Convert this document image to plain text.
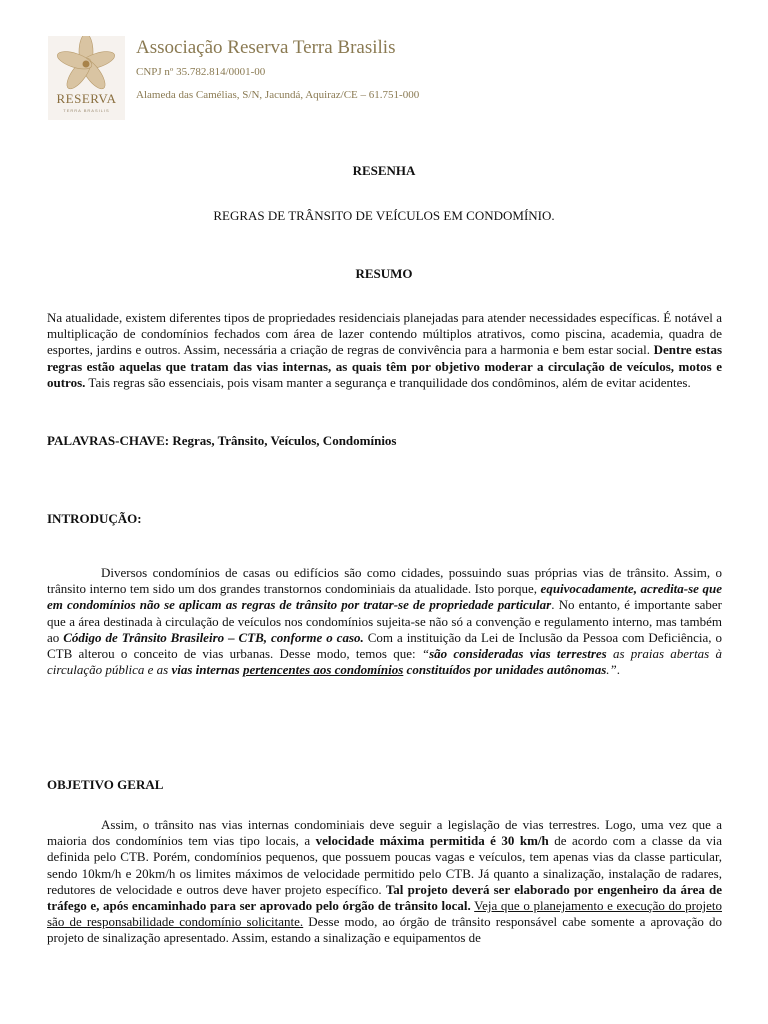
RESERVA
TERRA BRASILIS
Associação Reserva Terra Brasilis
CNPJ nº 35.782.814/0001-00
Alameda das Camélias, S/N, Jacundá, Aquiraz/CE – 61.751-000
RESENHA
REGRAS DE TRÂNSITO DE VEÍCULOS EM CONDOMÍNIO.
RESUMO
Na atualidade, existem diferentes tipos de propriedades residenciais planejadas para atender necessidades específicas. É notável a multiplicação de condomínios fechados com área de lazer contendo múltiplos atrativos, como piscina, academia, quadra de esportes, jardins e outros. Assim, necessária a criação de regras de convivência para a harmonia e bem estar social. Dentre estas regras estão aquelas que tratam das vias internas, as quais têm por objetivo moderar a circulação de veículos, motos e outros. Tais regras são essenciais, pois visam manter a segurança e tranquilidade dos condôminos, além de evitar acidentes.
PALAVRAS-CHAVE: Regras, Trânsito, Veículos, Condomínios
INTRODUÇÃO:
Diversos condomínios de casas ou edifícios são como cidades, possuindo suas próprias vias de trânsito. Assim, o trânsito interno tem sido um dos grandes transtornos condominiais da atualidade. Isto porque, equivocadamente, acredita-se que em condomínios não se aplicam as regras de trânsito por tratar-se de propriedade particular. No entanto, é importante saber que a área destinada à circulação de veículos nos condomínios sujeita-se não só a convenção e regulamento interno, mas também ao Código de Trânsito Brasileiro – CTB, conforme o caso. Com a instituição da Lei de Inclusão da Pessoa com Deficiência, o CTB alterou o conceito de vias urbanas. Desse modo, temos que: “são consideradas vias terrestres as praias abertas à circulação pública e as vias internas pertencentes aos condomínios constituídos por unidades autônomas.”.
OBJETIVO GERAL
Assim, o trânsito nas vias internas condominiais deve seguir a legislação de vias terrestres. Logo, uma vez que a maioria dos condomínios tem vias tipo locais, a velocidade máxima permitida é 30 km/h de acordo com a classe da via definida pelo CTB. Porém, condomínios pequenos, que possuem poucas vagas e veículos, tem apenas vias da classe particular, sendo 10km/h e 20km/h os limites máximos de velocidade permitido pelo CTB. Já quanto a sinalização, instalação de radares, redutores de velocidade e outros deve haver projeto específico. Tal projeto deverá ser elaborado por engenheiro da área de tráfego e, após encaminhado para ser aprovado pelo órgão de trânsito local. Veja que o planejamento e execução do projeto são de responsabilidade condomínio solicitante. Desse modo, ao órgão de trânsito responsável cabe somente a aprovação do projeto de sinalização apresentado. Assim, estando a sinalização e equipamentos de
